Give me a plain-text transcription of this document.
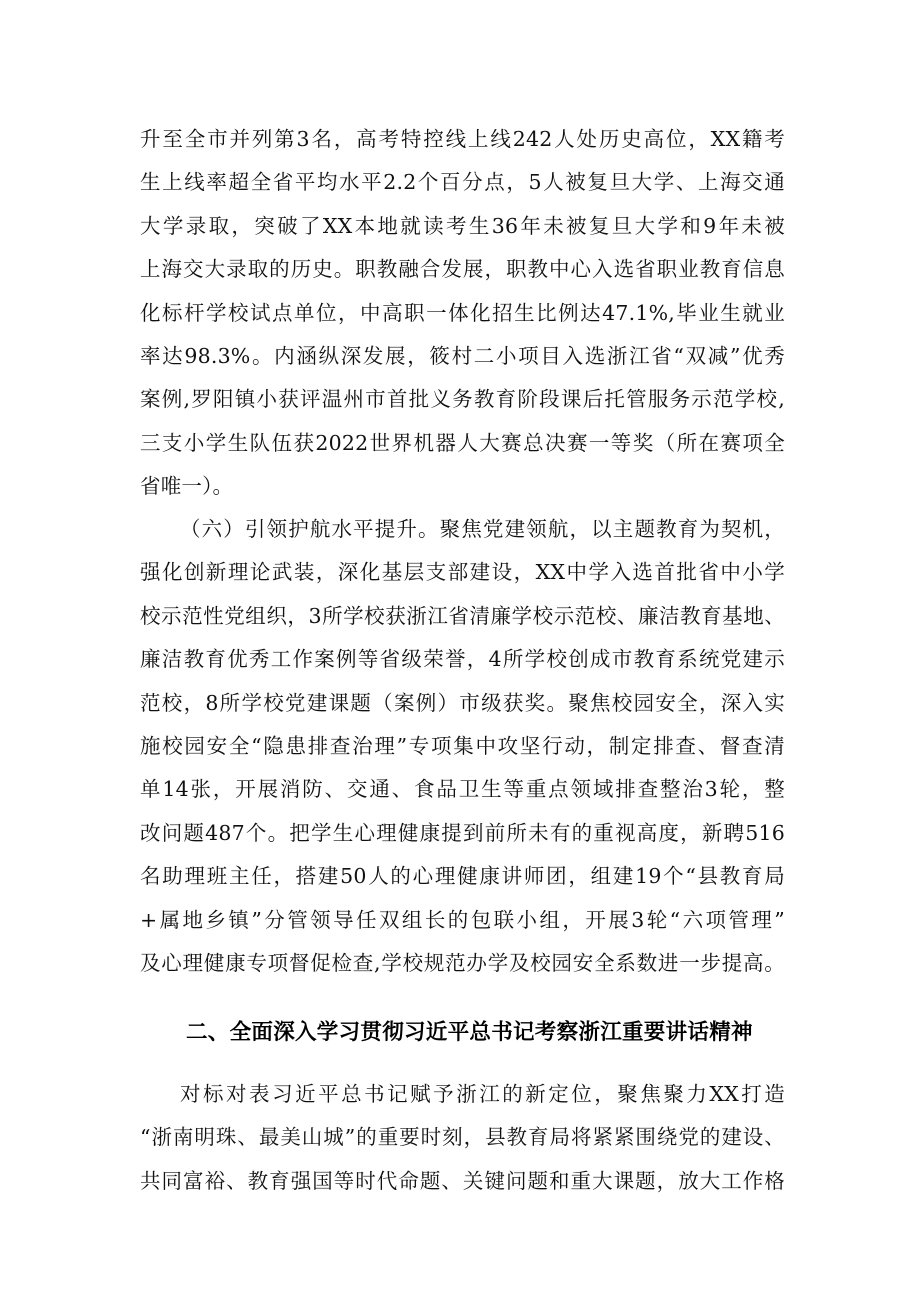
升至全市并列第3名，高考特控线上线242人处历史高位，XX籍考
生上线率超全省平均水平2.2个百分点，5人被复旦大学、上海交通
大学录取，突破了XX本地就读考生36年未被复旦大学和9年未被
上海交大录取的历史。职教融合发展，职教中心入选省职业教育信息
化标杆学校试点单位，中高职一体化招生比例达47.1%,毕业生就业
率达98.3%。内涵纵深发展，筱村二小项目入选浙江省“双减”优秀
案例,罗阳镇小获评温州市首批义务教育阶段课后托管服务示范学校,
三支小学生队伍获2022世界机器人大赛总决赛一等奖（所在赛项全
省唯一）。
（六）引领护航水平提升。聚焦党建领航，以主题教育为契机，
强化创新理论武装，深化基层支部建设，XX中学入选首批省中小学
校示范性党组织，3所学校获浙江省清廉学校示范校、廉洁教育基地、
廉洁教育优秀工作案例等省级荣誉，4所学校创成市教育系统党建示
范校，8所学校党建课题（案例）市级获奖。聚焦校园安全，深入实
施校园安全“隐患排查治理”专项集中攻坚行动，制定排查、督查清
单14张，开展消防、交通、食品卫生等重点领域排查整治3轮，整
改问题487个。把学生心理健康提到前所未有的重视高度，新聘516
名助理班主任，搭建50人的心理健康讲师团，组建19个“县教育局
+属地乡镇”分管领导任双组长的包联小组，开展3轮“六项管理”
及心理健康专项督促检查,学校规范办学及校园安全系数进一步提高。
二、全面深入学习贯彻习近平总书记考察浙江重要讲话精神
对标对表习近平总书记赋予浙江的新定位，聚焦聚力XX打造
“浙南明珠、最美山城”的重要时刻，县教育局将紧紧围绕党的建设、
共同富裕、教育强国等时代命题、关键问题和重大课题，放大工作格
